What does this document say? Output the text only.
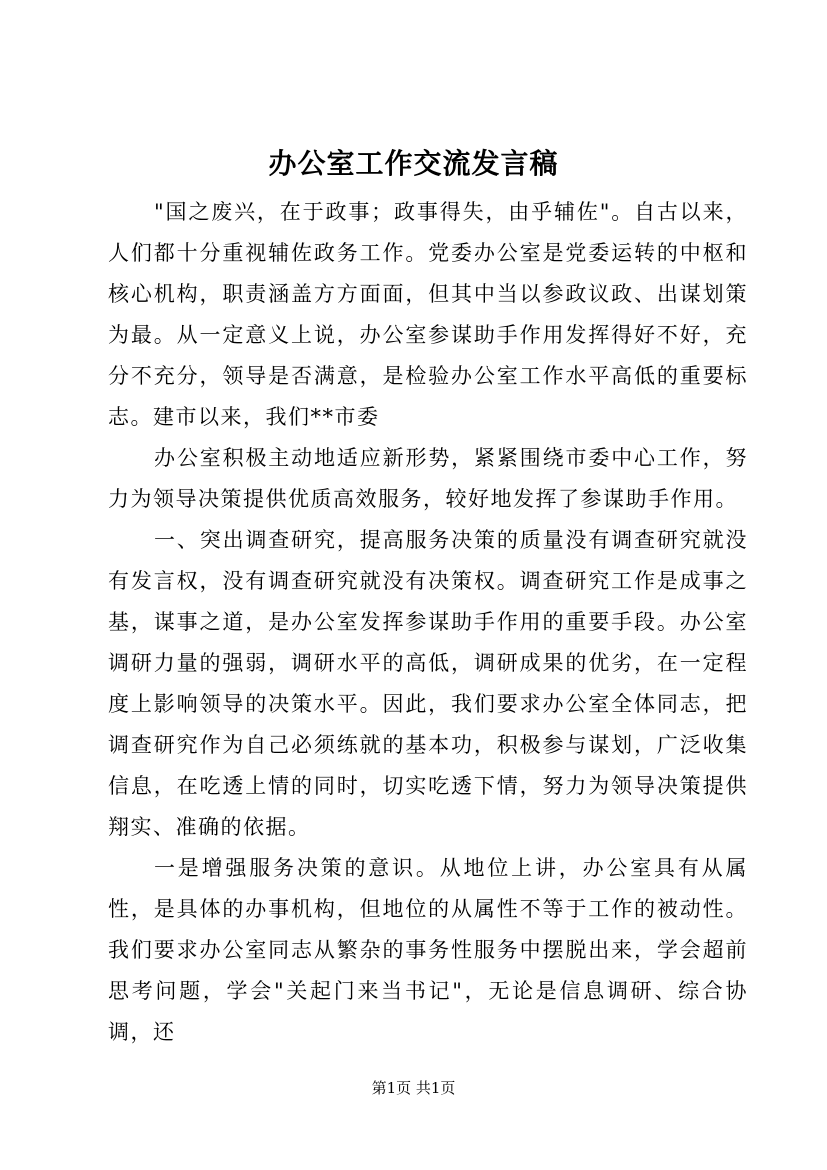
办公室工作交流发言稿

"国之废兴，在于政事；政事得失，由乎辅佐"。自古以来，人们都十分重视辅佐政务工作。党委办公室是党委运转的中枢和核心机构，职责涵盖方方面面，但其中当以参政议政、出谋划策为最。从一定意义上说，办公室参谋助手作用发挥得好不好，充分不充分，领导是否满意，是检验办公室工作水平高低的重要标志。建市以来，我们**市委

办公室积极主动地适应新形势，紧紧围绕市委中心工作，努力为领导决策提供优质高效服务，较好地发挥了参谋助手作用。

一、突出调查研究，提高服务决策的质量没有调查研究就没有发言权，没有调查研究就没有决策权。调查研究工作是成事之基，谋事之道，是办公室发挥参谋助手作用的重要手段。办公室调研力量的强弱，调研水平的高低，调研成果的优劣，在一定程度上影响领导的决策水平。因此，我们要求办公室全体同志，把调查研究作为自己必须练就的基本功，积极参与谋划，广泛收集信息，在吃透上情的同时，切实吃透下情，努力为领导决策提供翔实、准确的依据。

一是增强服务决策的意识。从地位上讲，办公室具有从属性，是具体的办事机构，但地位的从属性不等于工作的被动性。我们要求办公室同志从繁杂的事务性服务中摆脱出来，学会超前思考问题，学会"关起门来当书记"，无论是信息调研、综合协调，还

第1页 共1页
